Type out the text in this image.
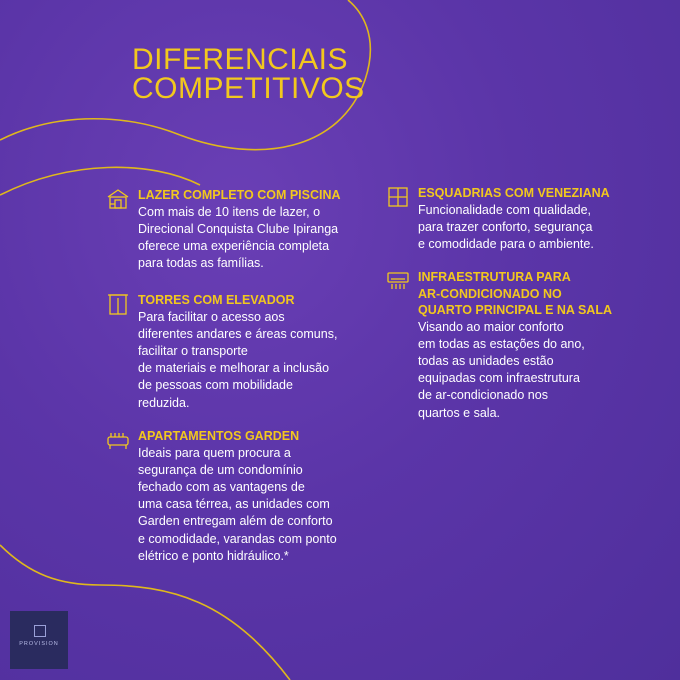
DIFERENCIAIS
COMPETITIVOS
LAZER COMPLETO COM PISCINA

Com mais de 10 itens de lazer, o
Direcional Conquista Clube Ipiranga
oferece uma experiência completa
para todas as famílias.

TORRES COM ELEVADOR

Para facilitar o acesso aos
diferentes andares e áreas comuns,
facilitar o transporte
de materiais e melhorar a inclusão
de pessoas com mobilidade
reduzida.

APARTAMENTOS GARDEN

Ideais para quem procura a
segurança de um condomínio
fechado com as vantagens de
uma casa térrea, as unidades com
Garden entregam além de conforto
e comodidade, varandas com ponto
elétrico e ponto hidráulico.*

ESQUADRIAS COM VENEZIANA

Funcionalidade com qualidade,
para trazer conforto, segurança
e comodidade para o ambiente.

INFRAESTRUTURA PARA
AR-CONDICIONADO NO
QUARTO PRINCIPAL E NA SALA

Visando ao maior conforto
em todas as estações do ano,
todas as unidades estão
equipadas com infraestrutura
de ar-condicionado nos
quartos e sala.

PROVISION
